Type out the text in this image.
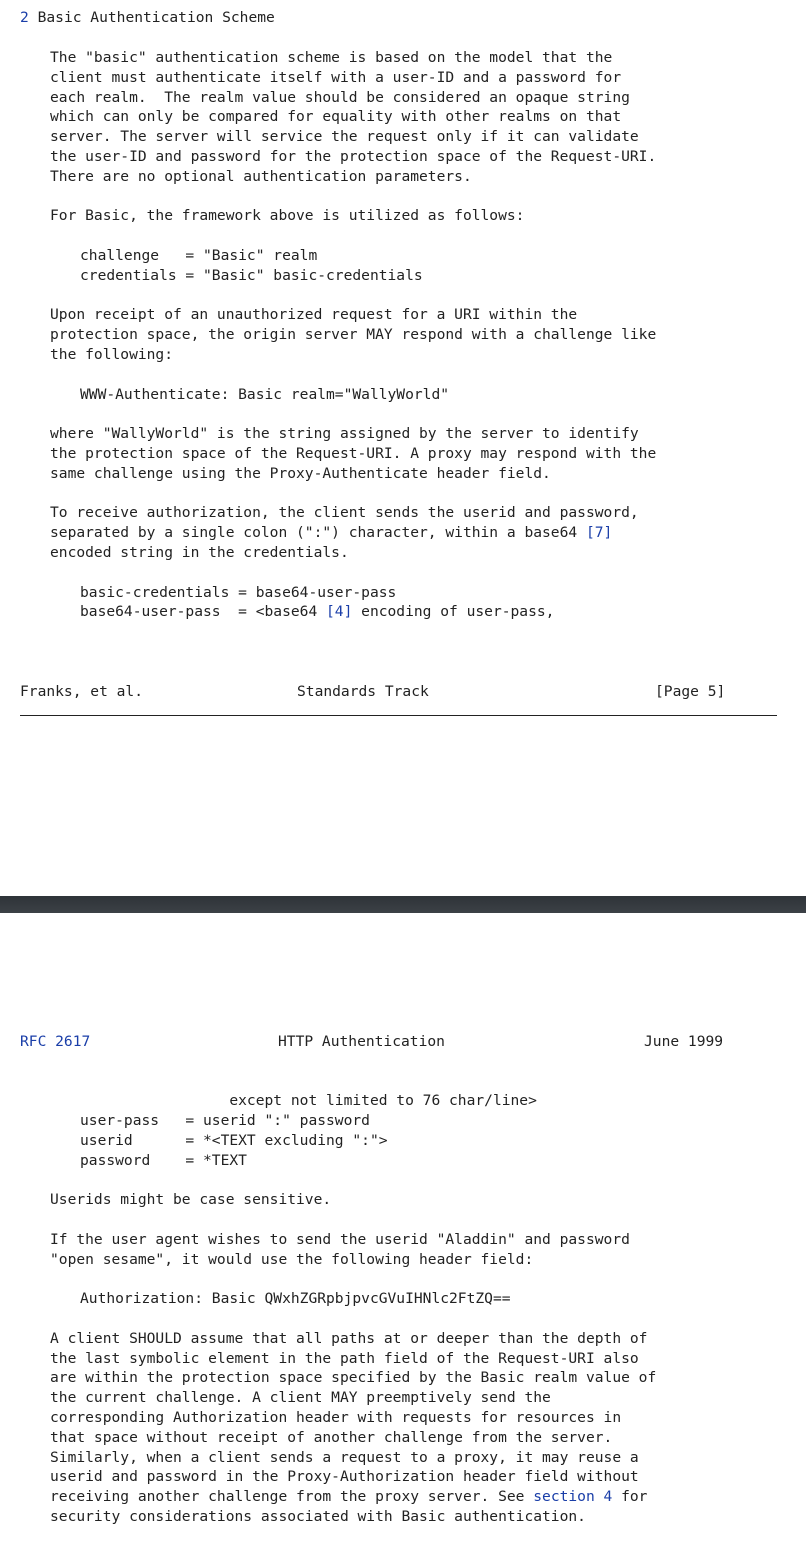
2 Basic Authentication Scheme
The "basic" authentication scheme is based on the model that the
client must authenticate itself with a user-ID and a password for
each realm.  The realm value should be considered an opaque string
which can only be compared for equality with other realms on that
server. The server will service the request only if it can validate
the user-ID and password for the protection space of the Request-URI.
There are no optional authentication parameters.
For Basic, the framework above is utilized as follows:
challenge   = "Basic" realm
credentials = "Basic" basic-credentials
Upon receipt of an unauthorized request for a URI within the
protection space, the origin server MAY respond with a challenge like
the following:
WWW-Authenticate: Basic realm="WallyWorld"
where "WallyWorld" is the string assigned by the server to identify
the protection space of the Request-URI. A proxy may respond with the
same challenge using the Proxy-Authenticate header field.
To receive authorization, the client sends the userid and password,
separated by a single colon (":") character, within a base64 [7]
encoded string in the credentials.
basic-credentials = base64-user-pass
base64-user-pass  = <base64 [4] encoding of user-pass,
Franks, et al.	Standards Track	[Page 5]
RFC 2617	HTTP Authentication	June 1999
except not limited to 76 char/line>
user-pass   = userid ":" password
userid      = *<TEXT excluding ":">
password    = *TEXT
Userids might be case sensitive.
If the user agent wishes to send the userid "Aladdin" and password
"open sesame", it would use the following header field:
Authorization: Basic QWxhZGRpbjpvcGVuIHNlc2FtZQ==
A client SHOULD assume that all paths at or deeper than the depth of
the last symbolic element in the path field of the Request-URI also
are within the protection space specified by the Basic realm value of
the current challenge. A client MAY preemptively send the
corresponding Authorization header with requests for resources in
that space without receipt of another challenge from the server.
Similarly, when a client sends a request to a proxy, it may reuse a
userid and password in the Proxy-Authorization header field without
receiving another challenge from the proxy server. See section 4 for
security considerations associated with Basic authentication.
